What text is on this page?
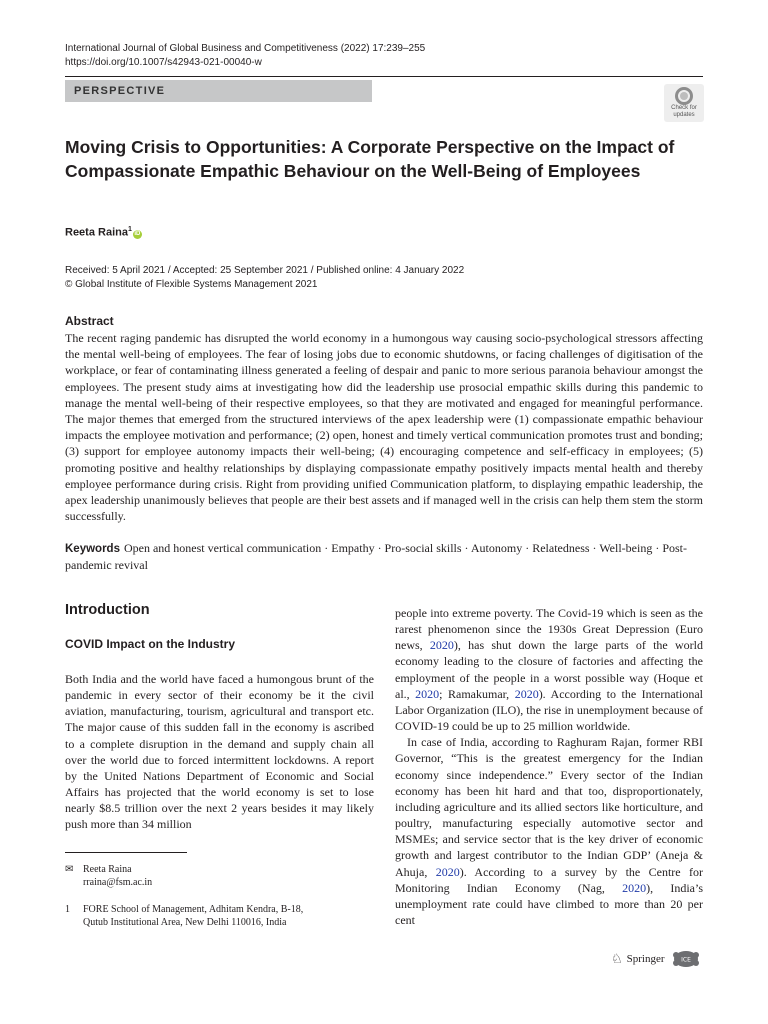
International Journal of Global Business and Competitiveness (2022) 17:239–255
https://doi.org/10.1007/s42943-021-00040-w
PERSPECTIVE
Check for
updates
Moving Crisis to Opportunities: A Corporate Perspective on the Impact of Compassionate Empathic Behaviour on the Well-Being of Employees
Reeta Raina$^1$iD
Received: 5 April 2021 / Accepted: 25 September 2021 / Published online: 4 January 2022
© Global Institute of Flexible Systems Management 2021
Abstract
The recent raging pandemic has disrupted the world economy in a humongous way causing socio-psychological stressors affecting the mental well-being of employees. The fear of losing jobs due to economic shutdowns, or facing challenges of digitisation of the workplace, or fear of contaminating illness generated a feeling of despair and panic to more serious paranoia behaviour amongst the employees. The present study aims at investigating how did the leadership use prosocial empathic skills during this pandemic to manage the mental well-being of their respective employees, so that they are motivated and engaged for meaningful performance. The major themes that emerged from the structured interviews of the apex leadership were (1) compassionate empathic behaviour impacts the employee motivation and performance; (2) open, honest and timely vertical communication promotes trust and bonding; (3) support for employee autonomy impacts their well-being; (4) encouraging competence and self-efficacy in employees; (5) promoting positive and healthy relationships by displaying compassionate empathy positively impacts mental health and thereby employee performance during crisis. Right from providing unified Communication platform, to displaying empathic leadership, the apex leadership unanimously believes that people are their best assets and if managed well in the crisis can help them stem the storm successfully.
Keywords Open and honest vertical communication · Empathy · Pro-social skills · Autonomy · Relatedness · Well-being · Post-pandemic revival
Introduction
COVID Impact on the Industry
Both India and the world have faced a humongous brunt of the pandemic in every sector of their economy be it the civil aviation, manufacturing, tourism, agricultural and transport etc. The major cause of this sudden fall in the economy is ascribed to a complete disruption in the demand and supply chain all over the world due to forced intermittent lockdowns. A report by the United Nations Department of Economic and Social Affairs has projected that the world economy is set to lose nearly $8.5 trillion over the next 2 years besides it may likely push more than 34 million
people into extreme poverty. The Covid-19 which is seen as the rarest phenomenon since the 1930s Great Depression (Euro news, 2020), has shut down the large parts of the world economy leading to the closure of factories and affecting the employment of the people in a worst possible way (Hoque et al., 2020; Ramakumar, 2020). According to the International Labor Organization (ILO), the rise in unemployment because of COVID-19 could be up to 25 million worldwide.
In case of India, according to Raghuram Rajan, former RBI Governor, “This is the greatest emergency for the Indian economy since independence.” Every sector of the Indian economy has been hit hard and that too, disproportionately, including agriculture and its allied sectors like horticulture, and poultry, manufacturing especially automotive sector and MSMEs; and service sector that is the key driver of economic growth and largest contributor to the Indian GDP’ (Aneja & Ahuja, 2020). According to a survey by the Centre for Monitoring Indian Economy (Nag, 2020), India’s unemployment rate could have climbed to more than 20 per cent
✉ Reeta Raina
rraina@fsm.ac.in
1 FORE School of Management, Adhitam Kendra, B-18,
Qutub Institutional Area, New Delhi 110016, India
♘ Springer	ICE
